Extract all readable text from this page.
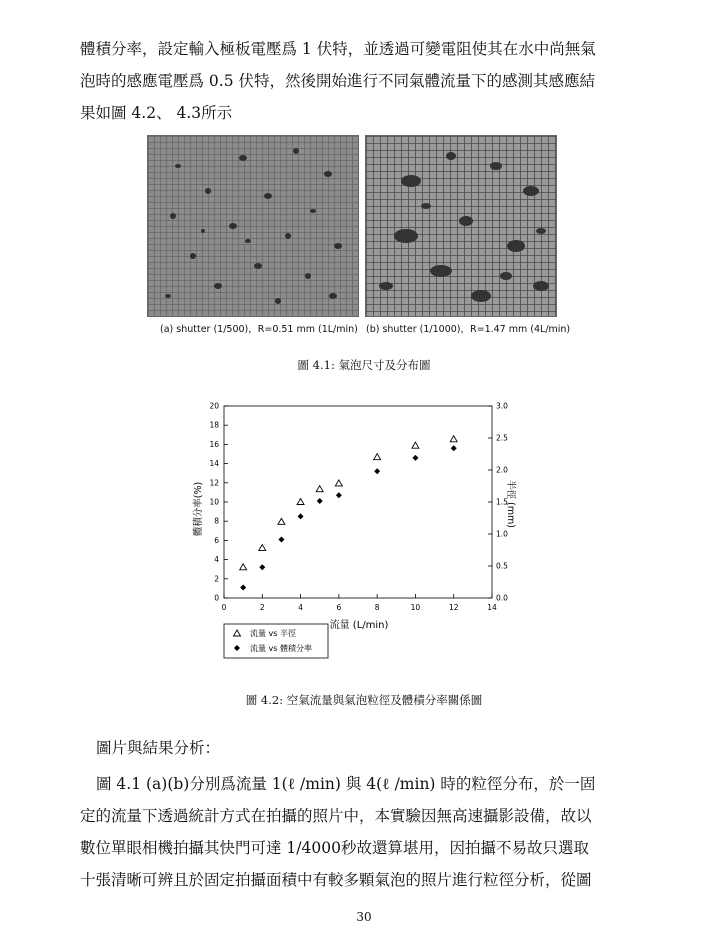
體積分率，設定輸入極板電壓爲 1 伏特，並透過可變電阻使其在水中尚無氣

泡時的感應電壓爲 0.5 伏特，然後開始進行不同氣體流量下的感測其感應結

果如圖 4.2、 4.3所示

(a) shutter (1/500)，R=0.51 mm (1L/min) (b) shutter (1/1000)，R=1.47 mm (4L/min)
圖 4.1: 氣泡尺寸及分布圖
0	2	4	6	8	10	12	14
0
2
4
6
8
10
12
14
16
18
20
0.0
0.5
1.0
1.5
2.0
2.5
3.0
體積分率(%)	半徑 (mm)
流量 (L/min)
流量 vs 半徑
流量 vs 體積分率
圖 4.2: 空氣流量與氣泡粒徑及體積分率關係圖
圖片與結果分析：

圖 4.1 (a)(b)分別爲流量 1(ℓ /min) 與 4(ℓ /min) 時的粒徑分布，於一固

定的流量下透過統計方式在拍攝的照片中，本實驗因無高速攝影設備，故以

數位單眼相機拍攝其快門可達 1/4000秒故還算堪用，因拍攝不易故只選取

十張清晰可辨且於固定拍攝面積中有較多顆氣泡的照片進行粒徑分析，從圖

30
